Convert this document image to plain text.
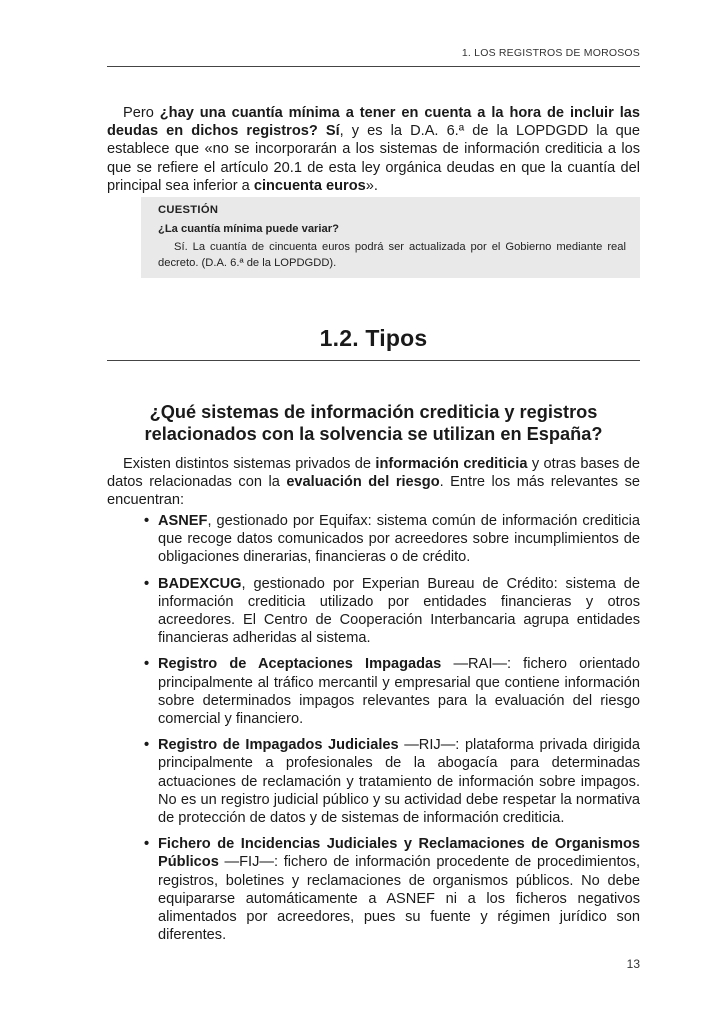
1. LOS REGISTROS DE MOROSOS

Pero ¿hay una cuantía mínima a tener en cuenta a la hora de incluir las deudas en dichos registros? Sí, y es la D.A. 6.ª de la LOPDGDD la que establece que «no se incorporarán a los sistemas de información crediticia a los que se refiere el artículo 20.1 de esta ley orgánica deudas en que la cuantía del principal sea inferior a cincuenta euros».

CUESTIÓN
¿La cuantía mínima puede variar?
Sí. La cuantía de cincuenta euros podrá ser actualizada por el Gobierno mediante real decreto. (D.A. 6.ª de la LOPDGDD).
1.2. Tipos
¿Qué sistemas de información crediticia y registros relacionados con la solvencia se utilizan en España?

Existen distintos sistemas privados de información crediticia y otras bases de datos relacionadas con la evaluación del riesgo. Entre los más relevantes se encuentran:

• ASNEF, gestionado por Equifax: sistema común de información crediticia que recoge datos comunicados por acreedores sobre incumplimientos de obligaciones dinerarias, financieras o de crédito.
• BADEXCUG, gestionado por Experian Bureau de Crédito: sistema de información crediticia utilizado por entidades financieras y otros acreedores. El Centro de Cooperación Interbancaria agrupa entidades financieras adheridas al sistema.
• Registro de Aceptaciones Impagadas —RAI—: fichero orientado principalmente al tráfico mercantil y empresarial que contiene información sobre determinados impagos relevantes para la evaluación del riesgo comercial y financiero.
• Registro de Impagados Judiciales —RIJ—: plataforma privada dirigida principalmente a profesionales de la abogacía para determinadas actuaciones de reclamación y tratamiento de información sobre impagos. No es un registro judicial público y su actividad debe respetar la normativa de protección de datos y de sistemas de información crediticia.
• Fichero de Incidencias Judiciales y Reclamaciones de Organismos Públicos —FIJ—: fichero de información procedente de procedimientos, registros, boletines y reclamaciones de organismos públicos. No debe equipararse automáticamente a ASNEF ni a los ficheros negativos alimentados por acreedores, pues su fuente y régimen jurídico son diferentes.
13
